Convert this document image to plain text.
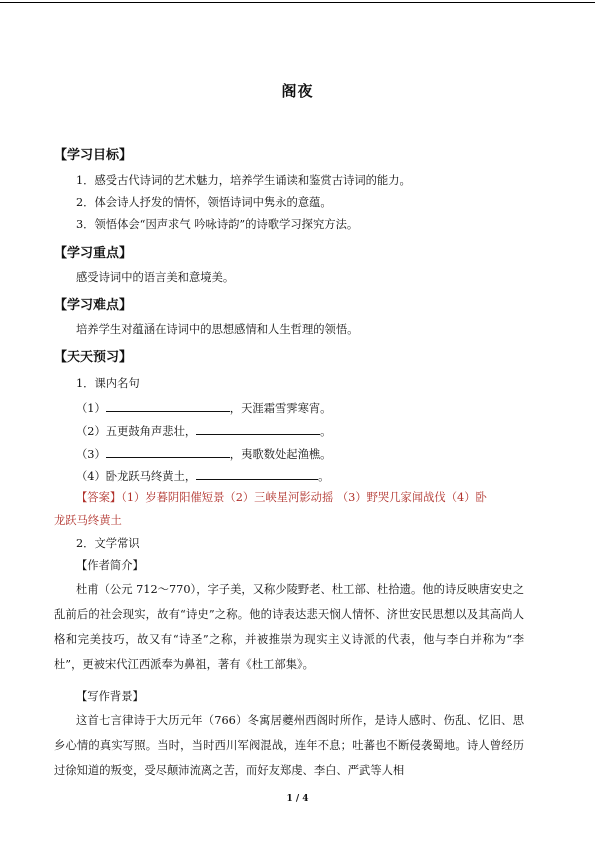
阁夜
【学习目标】
1．感受古代诗词的艺术魅力，培养学生诵读和鉴赏古诗词的能力。
2．体会诗人抒发的情怀，领悟诗词中隽永的意蕴。
3．领悟体会“因声求气 吟咏诗韵”的诗歌学习探究方法。
【学习重点】
感受诗词中的语言美和意境美。
【学习难点】
培养学生对蕴涵在诗词中的思想感情和人生哲理的领悟。
【天天预习】
1．课内名句
（1）	，天涯霜雪霁寒宵。
（2）五更鼓角声悲壮，	。
（3）	，夷歌数处起渔樵。
（4）卧龙跃马终黄土，	。
【答案】（1）岁暮阴阳催短景（2）三峡星河影动摇 （3）野哭几家闻战伐（4）卧
龙跃马终黄土
2．文学常识
【作者简介】
杜甫（公元 712～770），字子美，又称少陵野老、杜工部、杜拾遗。他的诗反映唐安史之乱前后的社会现实，故有“诗史”之称。他的诗表达悲天悯人情怀、济世安民思想以及其高尚人格和完美技巧，故又有“诗圣”之称，并被推崇为现实主义诗派的代表，他与李白并称为“李杜”，更被宋代江西派奉为鼻祖，著有《杜工部集》。
【写作背景】
这首七言律诗于大历元年（766）冬寓居夔州西阁时所作，是诗人感时、伤乱、忆旧、思乡心情的真实写照。当时，当时西川军阀混战，连年不息；吐蕃也不断侵袭蜀地。诗人曾经历过徐知道的叛变，受尽颠沛流离之苦，而好友郑虔、李白、严武等人相
1 / 4
